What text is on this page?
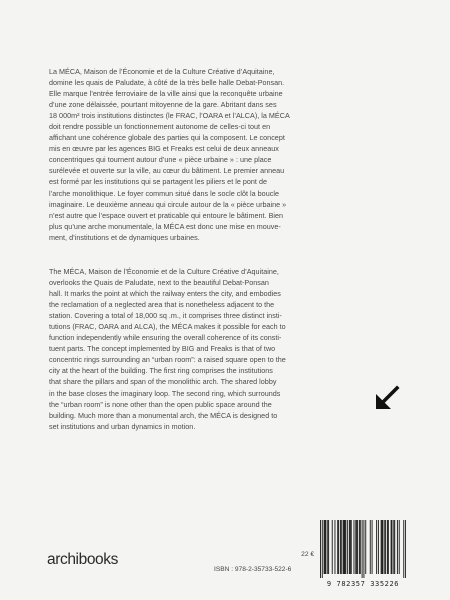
La MÉCA, Maison de l’Économie et de la Culture Créative d’Aquitaine,
domine les quais de Paludate, à côté de la très belle halle Debat-Ponsan.
Elle marque l’entrée ferroviaire de la ville ainsi que la reconquête urbaine
d’une zone délaissée, pourtant mitoyenne de la gare. Abritant dans ses
18 000m² trois institutions distinctes (le FRAC, l’OARA et l’ALCA), la MÉCA
doit rendre possible un fonctionnement autonome de celles-ci tout en
affichant une cohérence globale des parties qui la composent. Le concept
mis en œuvre par les agences BIG et Freaks est celui de deux anneaux
concentriques qui tournent autour d’une « pièce urbaine » : une place
surélevée et ouverte sur la ville, au cœur du bâtiment. Le premier anneau
est formé par les institutions qui se partagent les piliers et le pont de
l’arche monolithique. Le foyer commun situé dans le socle clôt la boucle
imaginaire. Le deuxième anneau qui circule autour de la « pièce urbaine »
n’est autre que l’espace ouvert et praticable qui entoure le bâtiment. Bien
plus qu’une arche monumentale, la MÉCA est donc une mise en mouve-
ment, d’institutions et de dynamiques urbaines.
The MÉCA, Maison de l’Économie et de la Culture Créative d’Aquitaine,
overlooks the Quais de Paludate, next to the beautiful Debat-Ponsan
hall. It marks the point at which the railway enters the city, and embodies
the reclamation of a neglected area that is nonetheless adjacent to the
station. Covering a total of 18,000 sq .m., it comprises three distinct insti-
tutions (FRAC, OARA and ALCA), the MÉCA makes it possible for each to
function independently while ensuring the overall coherence of its consti-
tuent parts. The concept implemented by BIG and Freaks is that of two
concentric rings surrounding an “urban room”: a raised square open to the
city at the heart of the building. The first ring comprises the institutions
that share the pillars and span of the monolithic arch. The shared lobby
in the base closes the imaginary loop. The second ring, which surrounds
the “urban room” is none other than the open public space around the
building. Much more than a monumental arch, the MÉCA is designed to
set institutions and urban dynamics in motion.
archibooks	22 €
ISBN : 978-2-35733-522-6
9 782357 335226
